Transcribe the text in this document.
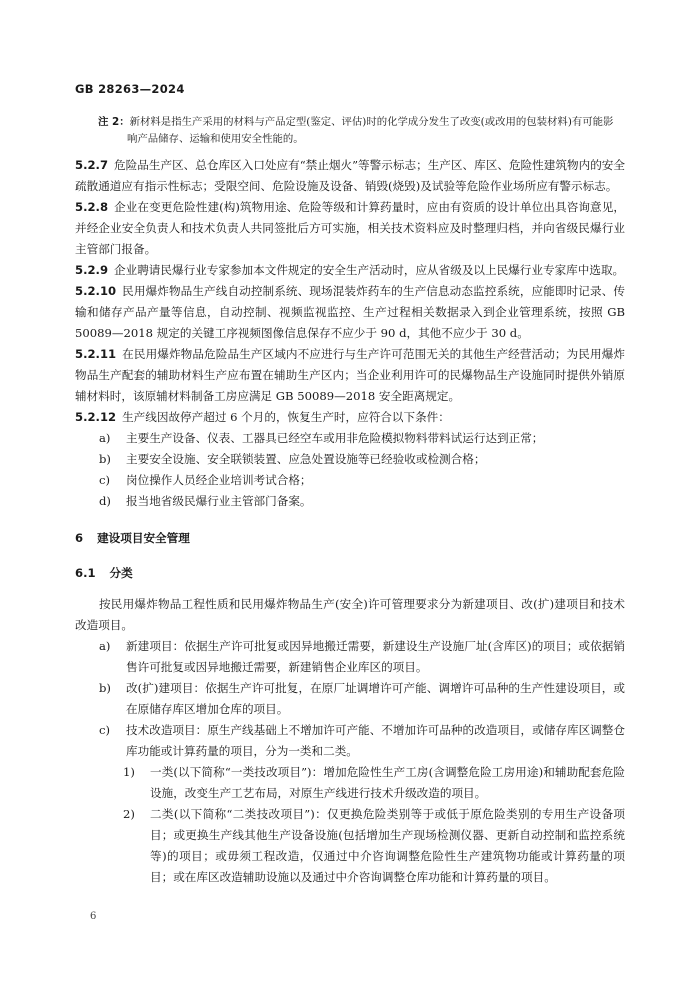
GB 28263—2024
注 2：新材料是指生产采用的材料与产品定型(鉴定、评估)时的化学成分发生了改变(或改用的包装材料)有可能影
响产品储存、运输和使用安全性能的。
5.2.7 危险品生产区、总仓库区入口处应有“禁止烟火”等警示标志；生产区、库区、危险性建筑物内的安全疏散通道应有指示性标志；受限空间、危险设施及设备、销毁(烧毁)及试验等危险作业场所应有警示标志。
5.2.8 企业在变更危险性建(构)筑物用途、危险等级和计算药量时，应由有资质的设计单位出具咨询意见，并经企业安全负责人和技术负责人共同签批后方可实施，相关技术资料应及时整理归档，并向省级民爆行业主管部门报备。
5.2.9 企业聘请民爆行业专家参加本文件规定的安全生产活动时，应从省级及以上民爆行业专家库中选取。
5.2.10 民用爆炸物品生产线自动控制系统、现场混装炸药车的生产信息动态监控系统，应能即时记录、传输和储存产品产量等信息，自动控制、视频监视监控、生产过程相关数据录入到企业管理系统，按照 GB 50089—2018 规定的关键工序视频图像信息保存不应少于 90 d，其他不应少于 30 d。
5.2.11 在民用爆炸物品危险品生产区域内不应进行与生产许可范围无关的其他生产经营活动；为民用爆炸物品生产配套的辅助材料生产应布置在辅助生产区内；当企业利用许可的民爆物品生产设施同时提供外销原辅材料时，该原辅材料制备工房应满足 GB 50089—2018 安全距离规定。
5.2.12 生产线因故停产超过 6 个月的，恢复生产时，应符合以下条件：
a)	主要生产设备、仪表、工器具已经空车或用非危险模拟物料带料试运行达到正常；
b)	主要安全设施、安全联锁装置、应急处置设施等已经验收或检测合格；
c)	岗位操作人员经企业培训考试合格；
d)	报当地省级民爆行业主管部门备案。
6 建设项目安全管理
6.1 分类
按民用爆炸物品工程性质和民用爆炸物品生产(安全)许可管理要求分为新建项目、改(扩)建项目和技术改造项目。
a)	新建项目：依据生产许可批复或因异地搬迁需要，新建设生产设施厂址(含库区)的项目；或依据销售许可批复或因异地搬迁需要，新建销售企业库区的项目。
b)	改(扩)建项目：依据生产许可批复，在原厂址调增许可产能、调增许可品种的生产性建设项目，或在原储存库区增加仓库的项目。
c)	技术改造项目：原生产线基础上不增加许可产能、不增加许可品种的改造项目，或储存库区调整仓库功能或计算药量的项目，分为一类和二类。
1)	一类(以下简称“一类技改项目”)：增加危险性生产工房(含调整危险工房用途)和辅助配套危险设施，改变生产工艺布局，对原生产线进行技术升级改造的项目。
2)	二类(以下简称“二类技改项目”)：仅更换危险类别等于或低于原危险类别的专用生产设备项目；或更换生产线其他生产设备设施(包括增加生产现场检测仪器、更新自动控制和监控系统等)的项目；或毋须工程改造，仅通过中介咨询调整危险性生产建筑物功能或计算药量的项目；或在库区改造辅助设施以及通过中介咨询调整仓库功能和计算药量的项目。
6
